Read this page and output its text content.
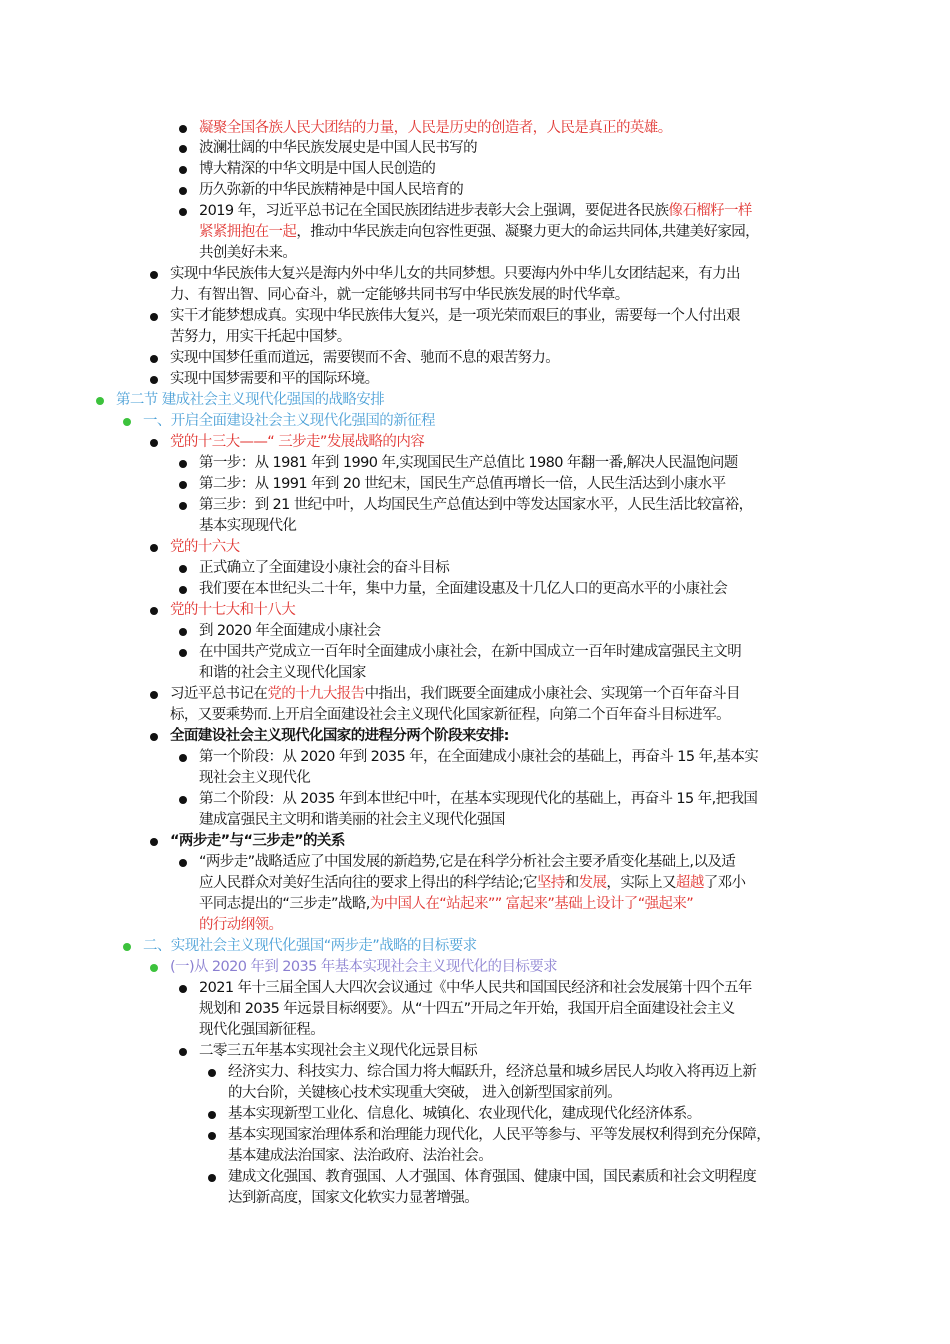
凝聚全国各族人民大团结的力量，人民是历史的创造者，人民是真正的英雄。
波澜壮阔的中华民族发展史是中国人民书写的
博大精深的中华文明是中国人民创造的
历久弥新的中华民族精神是中国人民培育的
2019 年，习近平总书记在全国民族团结进步表彰大会上强调，要促进各民族像石榴籽一样
紧紧拥抱在一起，推动中华民族走向包容性更强、凝聚力更大的命运共同体,共建美好家园，
共创美好未来。
实现中华民族伟大复兴是海内外中华儿女的共同梦想。只要海内外中华儿女团结起来，有力出
力、有智出智、同心奋斗，就一定能够共同书写中华民族发展的时代华章。
实干才能梦想成真。实现中华民族伟大复兴，是一项光荣而艰巨的事业，需要每一个人付出艰
苦努力，用实干托起中国梦。
实现中国梦任重而道远，需要锲而不舍、驰而不息的艰苦努力。
实现中国梦需要和平的国际环境。
第二节 建成社会主义现代化强国的战略安排
一、开启全面建设社会主义现代化强国的新征程
党的十三大——“ 三步走”发展战略的内容
第一步：从 1981 年到 1990 年,实现国民生产总值比 1980 年翻一番,解决人民温饱问题
第二步：从 1991 年到 20 世纪末，国民生产总值再增长一倍，人民生活达到小康水平
第三步：到 21 世纪中叶，人均国民生产总值达到中等发达国家水平，人民生活比较富裕，
基本实现现代化
党的十六大
正式确立了全面建设小康社会的奋斗目标
我们要在本世纪头二十年，集中力量，全面建设惠及十几亿人口的更高水平的小康社会
党的十七大和十八大
到 2020 年全面建成小康社会
在中国共产党成立一百年时全面建成小康社会，在新中国成立一百年时建成富强民主文明
和谐的社会主义现代化国家
习近平总书记在党的十九大报告中指出，我们既要全面建成小康社会、实现第一个百年奋斗目
标，又要乘势而.上开启全面建设社会主义现代化国家新征程，向第二个百年奋斗目标进军。
全面建设社会主义现代化国家的进程分两个阶段来安排:
第一个阶段：从 2020 年到 2035 年，在全面建成小康社会的基础上，再奋斗 15 年,基本实
现社会主义现代化
第二个阶段：从 2035 年到本世纪中叶，在基本实现现代化的基础上，再奋斗 15 年,把我国
建成富强民主文明和谐美丽的社会主义现代化强国
“两步走”与“三步走”的关系
“两步走”战略适应了中国发展的新趋势,它是在科学分析社会主要矛盾变化基础上,以及适
应人民群众对美好生活向往的要求上得出的科学结论;它坚持和发展，实际上又超越了邓小
平同志提出的“三步走”战略,为中国人在“站起来”” 富起来”基础上设计了“强起来”
的行动纲领。
二、实现社会主义现代化强国“两步走”战略的目标要求
(一)从 2020 年到 2035 年基本实现社会主义现代化的目标要求
2021 年十三届全国人大四次会议通过《中华人民共和国国民经济和社会发展第十四个五年
规划和 2035 年远景目标纲要》。从“十四五”开局之年开始，我国开启全面建设社会主义
现代化强国新征程。
二零三五年基本实现社会主义现代化远景目标
经济实力、科技实力、综合国力将大幅跃升，经济总量和城乡居民人均收入将再迈上新
的大台阶，关键核心技术实现重大突破， 进入创新型国家前列。
基本实现新型工业化、信息化、城镇化、农业现代化，建成现代化经济体系。
基本实现国家治理体系和治理能力现代化，人民平等参与、平等发展权利得到充分保障，
基本建成法治国家、法治政府、法治社会。
建成文化强国、教育强国、人才强国、体育强国、健康中国，国民素质和社会文明程度
达到新高度，国家文化软实力显著增强。
